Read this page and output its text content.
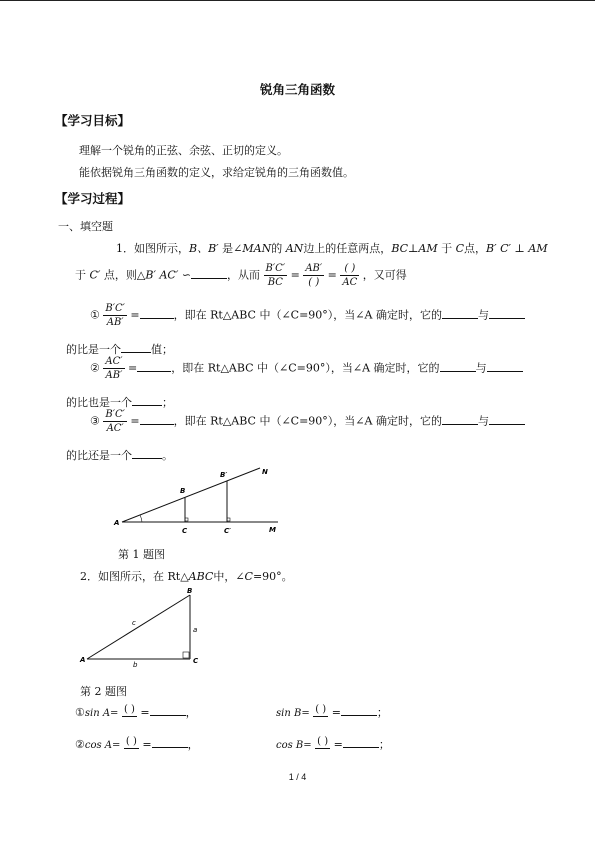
锐角三角函数
【学习目标】
理解一个锐角的正弦、余弦、正切的定义。
能依据锐角三角函数的定义，求给定锐角的三角函数值。
【学习过程】
一、填空题
1．如图所示，B、B′ 是∠MAN的 AN边上的任意两点，BC⊥AM 于 C点，B′ C′ ⊥ AM
于 C′ 点，则△B′ AC′ ∽	，从而 $\frac{B'C'}{BC} = \frac{AB'}{( )} = \frac{( )}{AC}$ ，又可得
① $\frac{B'C'}{AB'}$ =	，即在 Rt△ABC 中（∠C=90°），当∠A 确定时，它的	与
的比是一个	值；
② $\frac{AC'}{AB'}$ =	，即在 Rt△ABC 中（∠C=90°），当∠A 确定时，它的	与
的比也是一个	；
③ $\frac{B'C'}{AC'}$ =	，即在 Rt△ABC 中（∠C=90°），当∠A 确定时，它的	与
的比还是一个	。
A
B
C
B′
C′	M
N
第 1 题图
2．如图所示，在 Rt△ABC中，∠C=90°。
A
B
C
a
b
c
第 2 题图
①sin A= ( ) =	，	sin B= ( ) =	；
②cos A= ( ) =	，	cos B= ( ) =	；
1 / 4
